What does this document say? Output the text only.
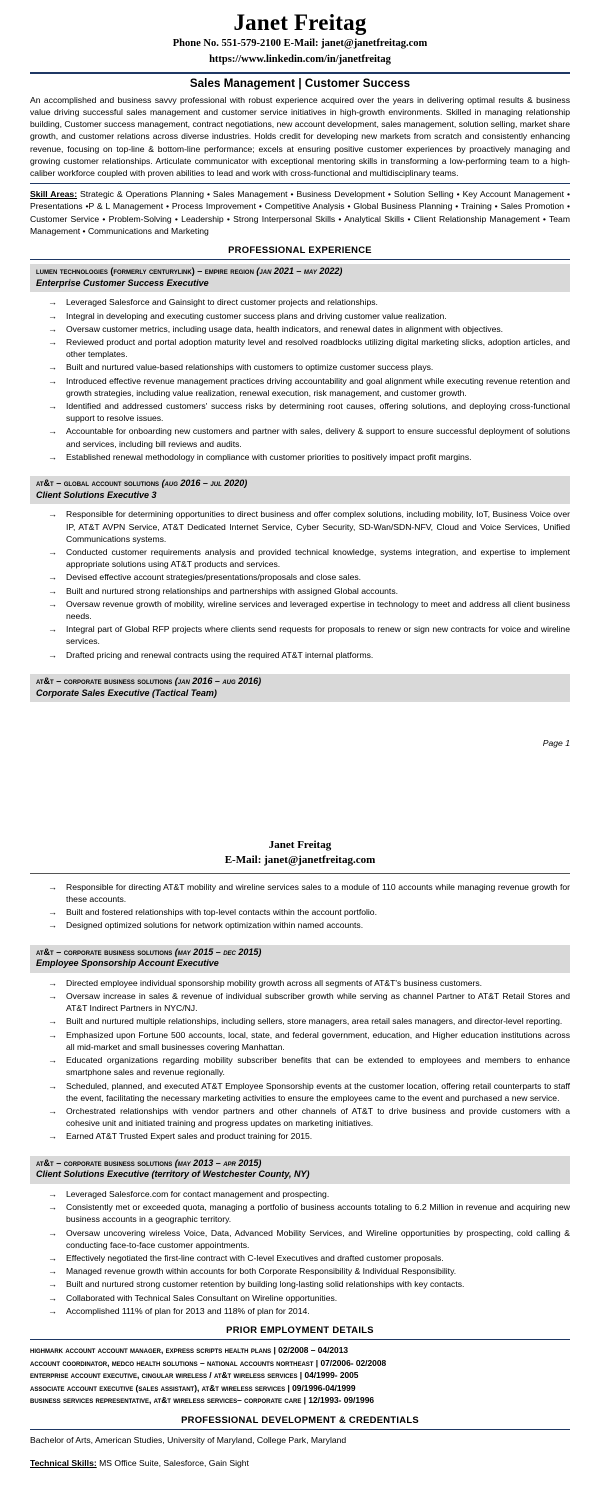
Janet Freitag
Phone No. 551-579-2100 E-Mail: janet@janetfreitag.com
https://www.linkedin.com/in/janetfreitag
Sales Management | Customer Success

An accomplished and business savvy professional with robust experience acquired over the years in delivering optimal results & business value driving successful sales management and customer service initiatives in high-growth environments. Skilled in managing relationship building, Customer success management, contract negotiations, new account development, sales management, solution selling, market share growth, and customer relations across diverse industries. Holds credit for developing new markets from scratch and consistently enhancing revenue, focusing on top-line & bottom-line performance; excels at ensuring positive customer experiences by proactively managing and growing customer relationships. Articulate communicator with exceptional mentoring skills in transforming a low-performing team to a high-caliber workforce coupled with proven abilities to lead and work with cross-functional and multidisciplinary teams.

Skill Areas: Strategic & Operations Planning • Sales Management • Business Development • Solution Selling • Key Account Management • Presentations •P & L Management • Process Improvement • Competitive Analysis • Global Business Planning • Training • Sales Promotion • Customer Service • Problem-Solving • Leadership • Strong Interpersonal Skills • Analytical Skills • Client Relationship Management • Team Management • Communications and Marketing

PROFESSIONAL EXPERIENCE
lumen technologies (formerly centurylink) – empire region (jan 2021 – may 2022)
Enterprise Customer Success Executive
→ Leveraged Salesforce and Gainsight to direct customer projects and relationships.
→ Integral in developing and executing customer success plans and driving customer value realization.
→ Oversaw customer metrics, including usage data, health indicators, and renewal dates in alignment with objectives.
→ Reviewed product and portal adoption maturity level and resolved roadblocks utilizing digital marketing slicks, adoption articles, and other templates.
→ Built and nurtured value-based relationships with customers to optimize customer success plays.
→ Introduced effective revenue management practices driving accountability and goal alignment while executing revenue retention and growth strategies, including value realization, renewal execution, risk management, and customer growth.
→ Identified and addressed customers' success risks by determining root causes, offering solutions, and deploying cross-functional support to resolve issues.
→ Accountable for onboarding new customers and partner with sales, delivery & support to ensure successful deployment of solutions and services, including bill reviews and audits.
→ Established renewal methodology in compliance with customer priorities to positively impact profit margins.
at&t – global account solutions (aug 2016 – jul 2020)
Client Solutions Executive 3
→ Responsible for determining opportunities to direct business and offer complex solutions, including mobility, IoT, Business Voice over IP, AT&T AVPN Service, AT&T Dedicated Internet Service, Cyber Security, SD-Wan/SDN-NFV, Cloud and Voice Services, Unified Communications systems.
→ Conducted customer requirements analysis and provided technical knowledge, systems integration, and expertise to implement appropriate solutions using AT&T products and services.
→ Devised effective account strategies/presentations/proposals and close sales.
→ Built and nurtured strong relationships and partnerships with assigned Global accounts.
→ Oversaw revenue growth of mobility, wireline services and leveraged expertise in technology to meet and address all client business needs.
→ Integral part of Global RFP projects where clients send requests for proposals to renew or sign new contracts for voice and wireline services.
→ Drafted pricing and renewal contracts using the required AT&T internal platforms.
at&t – corporate business solutions (jan 2016 – aug 2016)
Corporate Sales Executive (Tactical Team)
Page 1
Janet Freitag
E-Mail: janet@janetfreitag.com
→ Responsible for directing AT&T mobility and wireline services sales to a module of 110 accounts while managing revenue growth for these accounts.
→ Built and fostered relationships with top-level contacts within the account portfolio.
→ Designed optimized solutions for network optimization within named accounts.
at&t – corporate business solutions (may 2015 – dec 2015)
Employee Sponsorship Account Executive
→ Directed employee individual sponsorship mobility growth across all segments of AT&T's business customers.
→ Oversaw increase in sales & revenue of individual subscriber growth while serving as channel Partner to AT&T Retail Stores and AT&T Indirect Partners in NYC/NJ.
→ Built and nurtured multiple relationships, including sellers, store managers, area retail sales managers, and director-level reporting.
→ Emphasized upon Fortune 500 accounts, local, state, and federal government, education, and Higher education institutions across all mid-market and small businesses covering Manhattan.
→ Educated organizations regarding mobility subscriber benefits that can be extended to employees and members to enhance smartphone sales and revenue regionally.
→ Scheduled, planned, and executed AT&T Employee Sponsorship events at the customer location, offering retail counterparts to staff the event, facilitating the necessary marketing activities to ensure the employees came to the event and purchased a new service.
→ Orchestrated relationships with vendor partners and other channels of AT&T to drive business and provide customers with a cohesive unit and initiated training and progress updates on marketing initiatives.
→ Earned AT&T Trusted Expert sales and product training for 2015.
at&t – corporate business solutions (may 2013 – apr 2015)
Client Solutions Executive (territory of Westchester County, NY)
→ Leveraged Salesforce.com for contact management and prospecting.
→ Consistently met or exceeded quota, managing a portfolio of business accounts totaling to 6.2 Million in revenue and acquiring new business accounts in a geographic territory.
→ Oversaw uncovering wireless Voice, Data, Advanced Mobility Services, and Wireline opportunities by prospecting, cold calling & conducting face-to-face customer appointments.
→ Effectively negotiated the first-line contract with C-level Executives and drafted customer proposals.
→ Managed revenue growth within accounts for both Corporate Responsibility & Individual Responsibility.
→ Built and nurtured strong customer retention by building long-lasting solid relationships with key contacts.
→ Collaborated with Technical Sales Consultant on Wireline opportunities.
→ Accomplished 111% of plan for 2013 and 118% of plan for 2014.
PRIOR EMPLOYMENT DETAILS
highmark account account manager, express scripts health plans | 02/2008 – 04/2013
account coordinator, medco health solutions – national accounts northeast | 07/2006- 02/2008
enterprise account executive, cingular wireless / at&t wireless services | 04/1999- 2005
associate account executive (sales assistant), at&t wireless services | 09/1996-04/1999
business services representative, at&t wireless services– corporate care | 12/1993- 09/1996
PROFESSIONAL DEVELOPMENT & CREDENTIALS
Bachelor of Arts, American Studies, University of Maryland, College Park, Maryland
Technical Skills: MS Office Suite, Salesforce, Gain Sight
